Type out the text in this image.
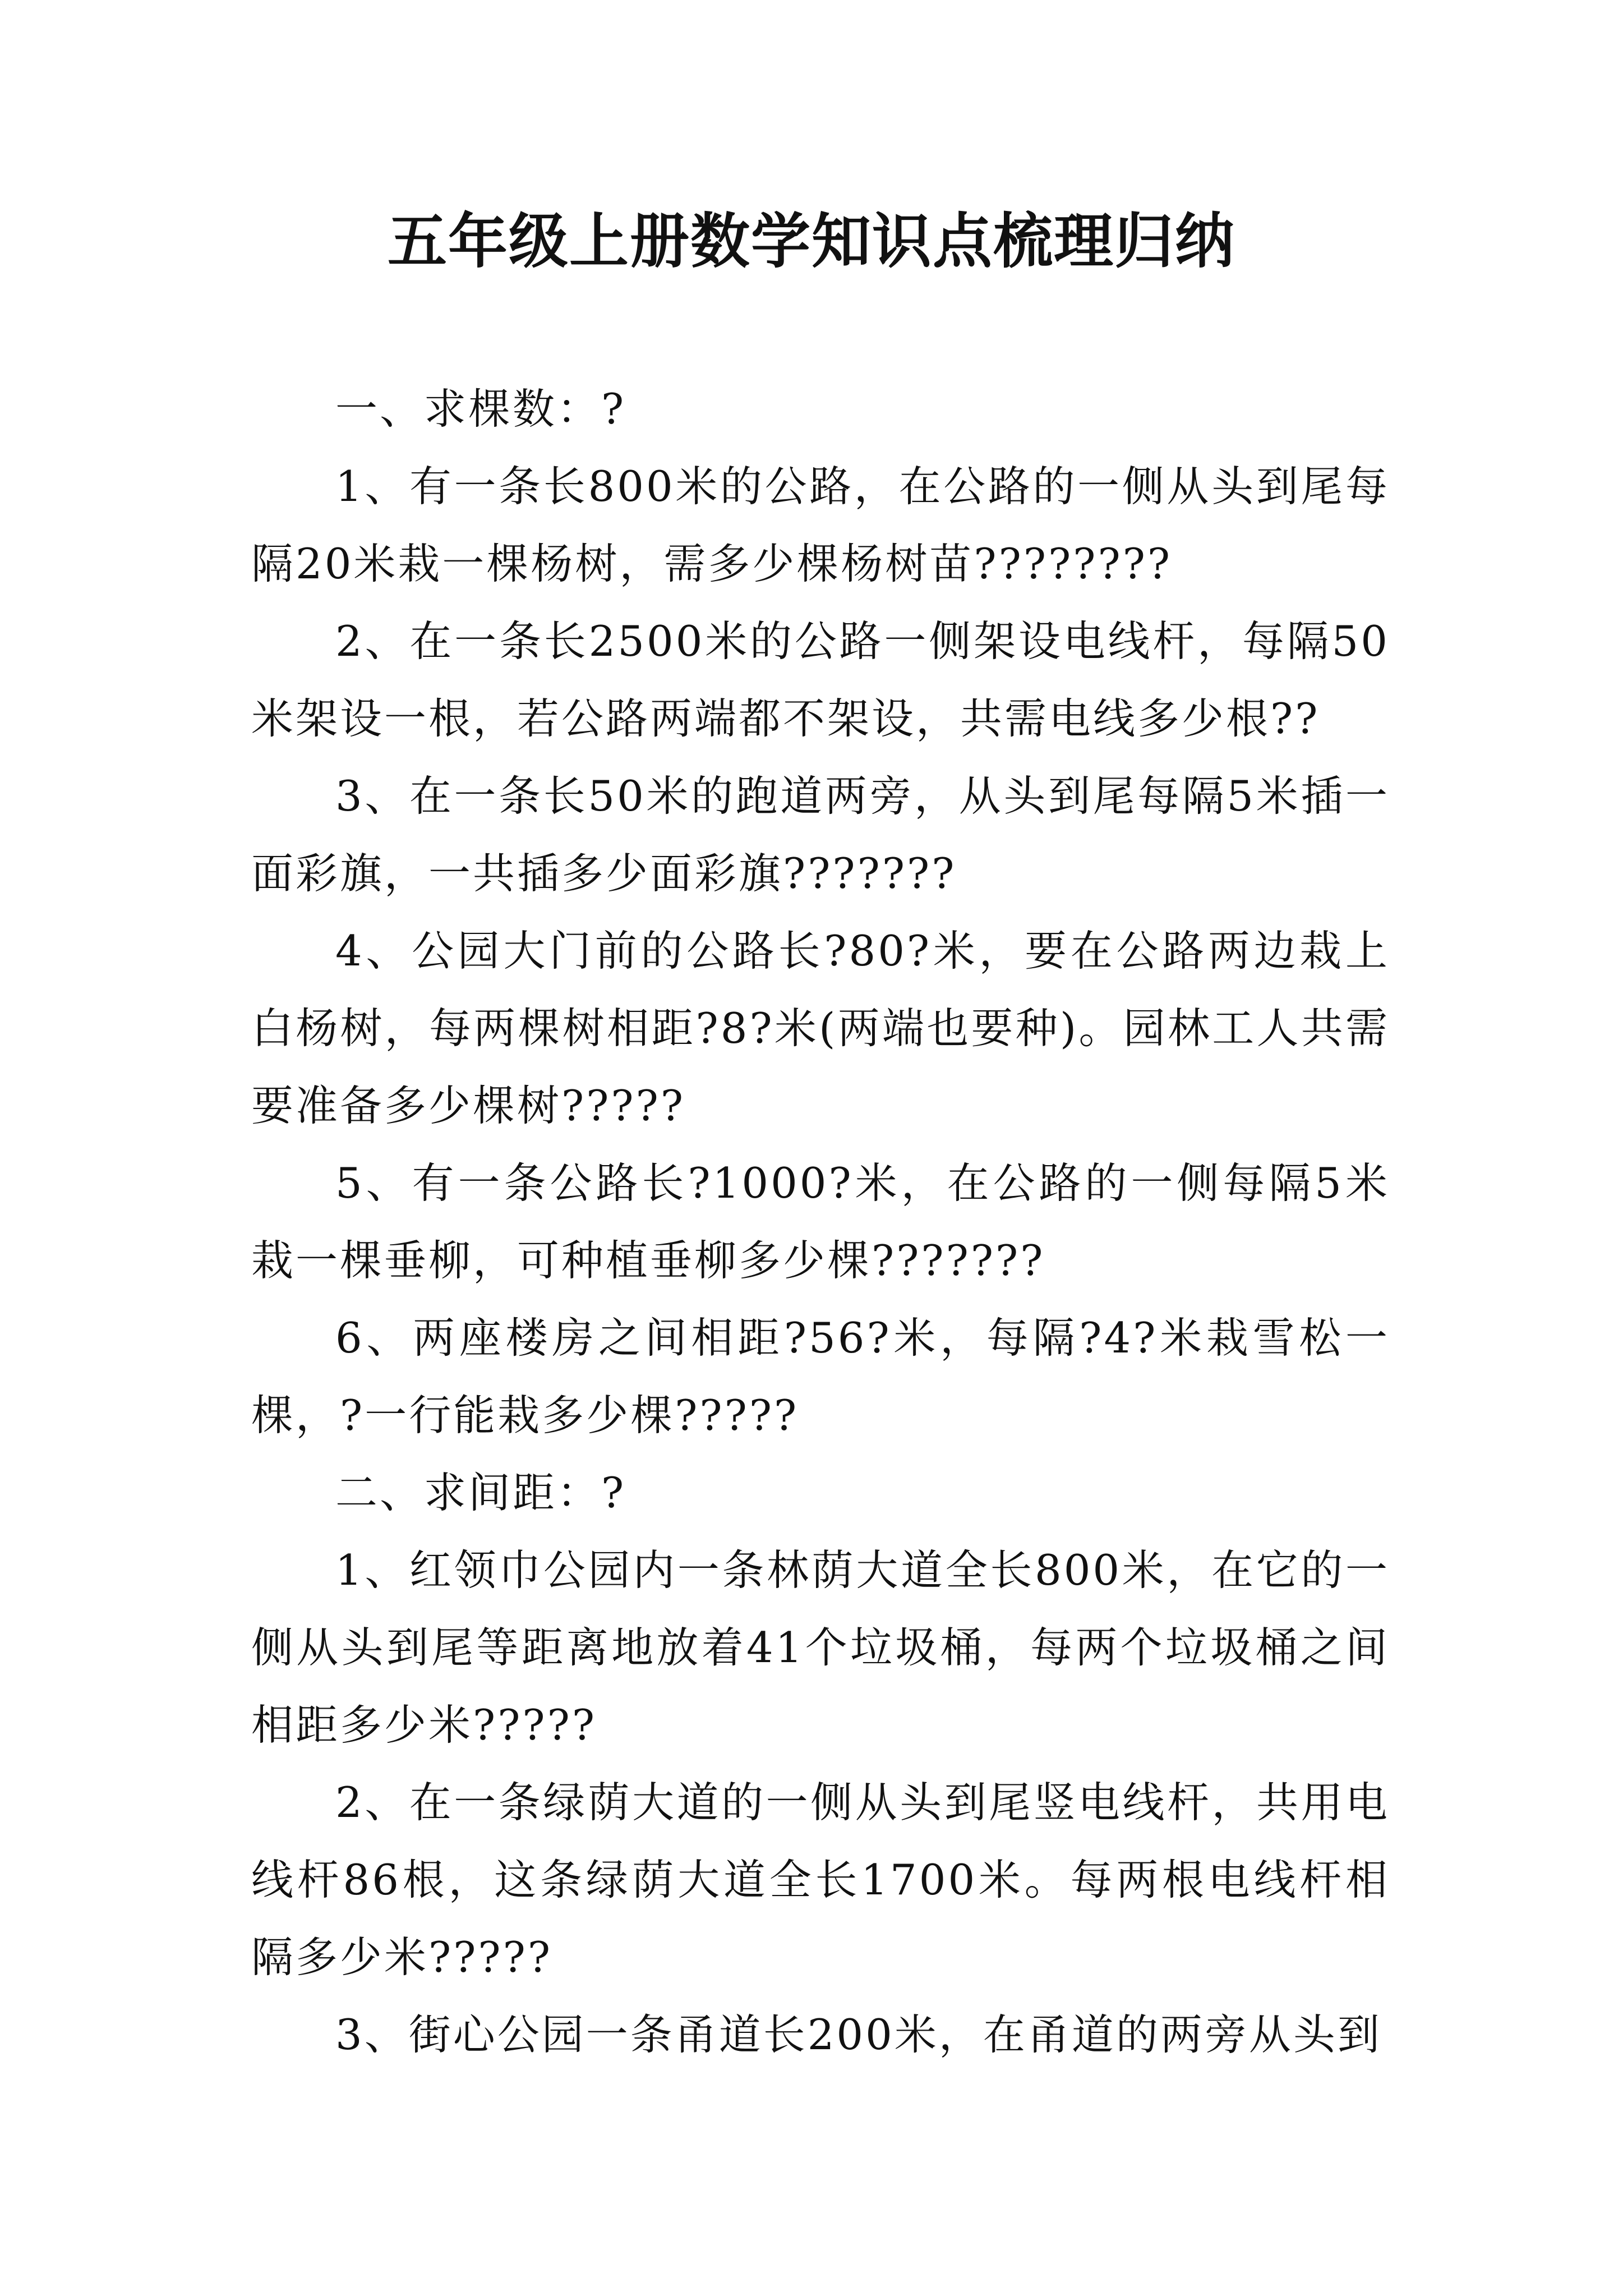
五年级上册数学知识点梳理归纳

一、求棵数：?

1、有一条长800米的公路，在公路的一侧从头到尾每隔20米栽一棵杨树，需多少棵杨树苗????????

2、在一条长2500米的公路一侧架设电线杆，每隔50米架设一根，若公路两端都不架设，共需电线多少根??

3、在一条长50米的跑道两旁，从头到尾每隔5米插一面彩旗，一共插多少面彩旗???????

4、公园大门前的公路长?80?米，要在公路两边栽上白杨树，每两棵树相距?8?米(两端也要种)。园林工人共需要准备多少棵树?????

5、有一条公路长?1000?米，在公路的一侧每隔5米栽一棵垂柳，可种植垂柳多少棵???????

6、两座楼房之间相距?56?米，每隔?4?米栽雪松一棵，?一行能栽多少棵?????

二、求间距：?

1、红领巾公园内一条林荫大道全长800米，在它的一侧从头到尾等距离地放着41个垃圾桶，每两个垃圾桶之间相距多少米?????

2、在一条绿荫大道的一侧从头到尾竖电线杆，共用电线杆86根，这条绿荫大道全长1700米。每两根电线杆相隔多少米?????

3、街心公园一条甬道长200米，在甬道的两旁从头到
